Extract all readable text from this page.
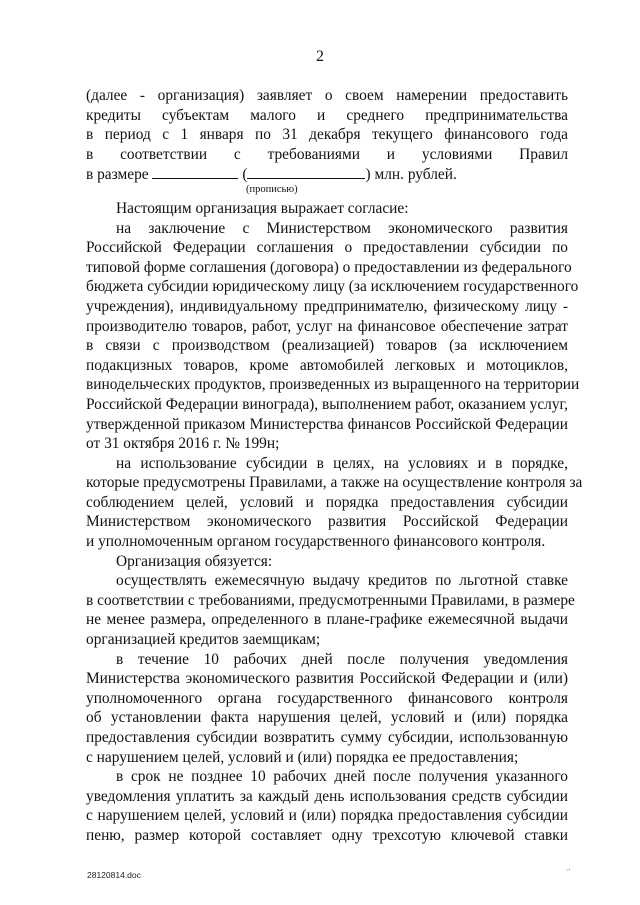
2
(далее - организация) заявляет о своем намерении предоставить
кредиты субъектам малого и среднего предпринимательства
в период с 1 января по 31 декабря текущего финансового года
в соответствии с требованиями и условиями Правил
в размере	(	) млн. рублей.
(прописью)
Настоящим организация выражает согласие:
на заключение с Министерством экономического развития
Российской Федерации соглашения о предоставлении субсидии по
типовой форме соглашения (договора) о предоставлении из федерального
бюджета субсидии юридическому лицу (за исключением государственного
учреждения), индивидуальному предпринимателю, физическому лицу -
производителю товаров, работ, услуг на финансовое обеспечение затрат
в связи с производством (реализацией) товаров (за исключением
подакцизных товаров, кроме автомобилей легковых и мотоциклов,
винодельческих продуктов, произведенных из выращенного на территории
Российской Федерации винограда), выполнением работ, оказанием услуг,
утвержденной приказом Министерства финансов Российской Федерации
от 31 октября 2016 г. № 199н;
на использование субсидии в целях, на условиях и в порядке,
которые предусмотрены Правилами, а также на осуществление контроля за
соблюдением целей, условий и порядка предоставления субсидии
Министерством экономического развития Российской Федерации
и уполномоченным органом государственного финансового контроля.
Организация обязуется:
осуществлять ежемесячную выдачу кредитов по льготной ставке
в соответствии с требованиями, предусмотренными Правилами, в размере
не менее размера, определенного в плане-графике ежемесячной выдачи
организацией кредитов заемщикам;
в течение 10 рабочих дней после получения уведомления
Министерства экономического развития Российской Федерации и (или)
уполномоченного органа государственного финансового контроля
об установлении факта нарушения целей, условий и (или) порядка
предоставления субсидии возвратить сумму субсидии, использованную
с нарушением целей, условий и (или) порядка ее предоставления;
в срок не позднее 10 рабочих дней после получения указанного
уведомления уплатить за каждый день использования средств субсидии
с нарушением целей, условий и (или) порядка предоставления субсидии
пеню, размер которой составляет одну трехсотую ключевой ставки
28120814.doc	·⸱
